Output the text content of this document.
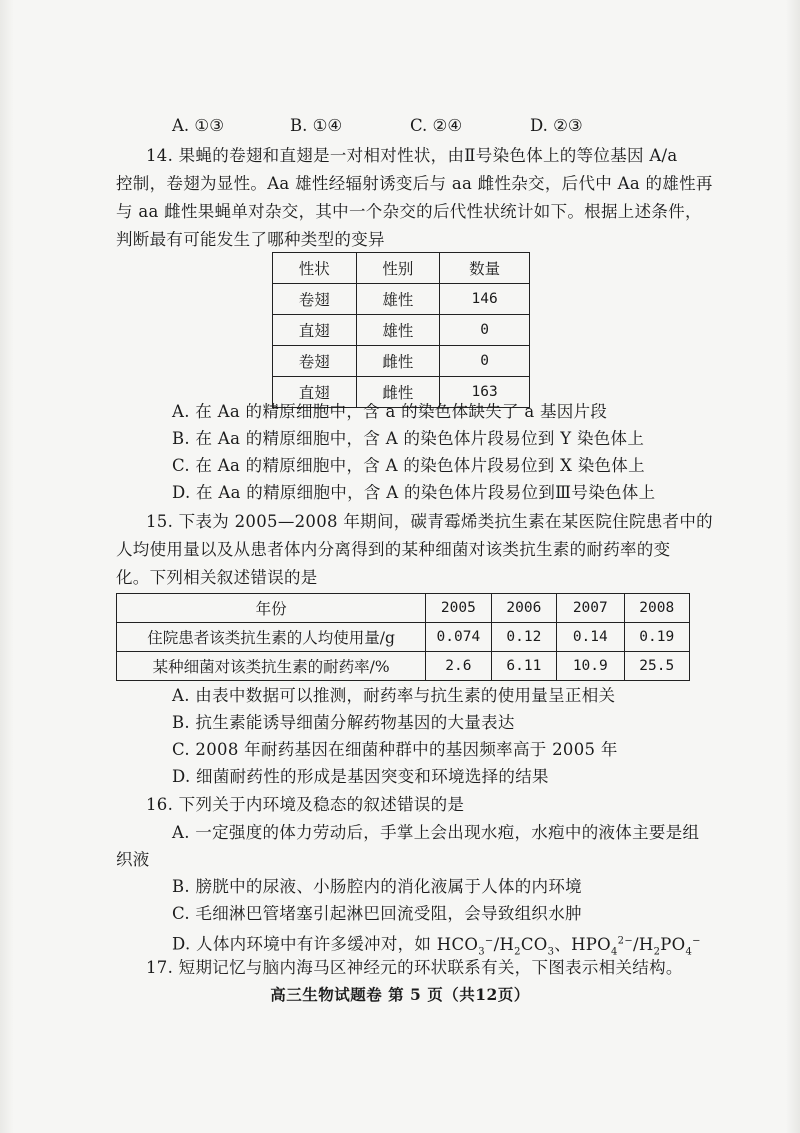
A. ①③	B. ①④	C. ②④	D. ②③
14. 果蝇的卷翅和直翅是一对相对性状，由Ⅱ号染色体上的等位基因 A/a
控制，卷翅为显性。Aa 雄性经辐射诱变后与 aa 雌性杂交，后代中 Aa 的雄性再
与 aa 雌性果蝇单对杂交，其中一个杂交的后代性状统计如下。根据上述条件，
判断最有可能发生了哪种类型的变异
性状	性别	数量
卷翅	雄性	146
直翅	雄性	0
卷翅	雌性	0
直翅	雌性	163
A. 在 Aa 的精原细胞中，含 a 的染色体缺失了 a 基因片段
B. 在 Aa 的精原细胞中，含 A 的染色体片段易位到 Y 染色体上
C. 在 Aa 的精原细胞中，含 A 的染色体片段易位到 X 染色体上
D. 在 Aa 的精原细胞中，含 A 的染色体片段易位到Ⅲ号染色体上
15. 下表为 2005—2008 年期间，碳青霉烯类抗生素在某医院住院患者中的
人均使用量以及从患者体内分离得到的某种细菌对该类抗生素的耐药率的变
化。下列相关叙述错误的是
年份	2005	2006	2007	2008
住院患者该类抗生素的人均使用量/g	0.074	0.12	0.14	0.19
某种细菌对该类抗生素的耐药率/%	2.6	6.11	10.9	25.5
A. 由表中数据可以推测，耐药率与抗生素的使用量呈正相关
B. 抗生素能诱导细菌分解药物基因的大量表达
C. 2008 年耐药基因在细菌种群中的基因频率高于 2005 年
D. 细菌耐药性的形成是基因突变和环境选择的结果
16. 下列关于内环境及稳态的叙述错误的是
A. 一定强度的体力劳动后，手掌上会出现水疱，水疱中的液体主要是组
织液
B. 膀胱中的尿液、小肠腔内的消化液属于人体的内环境
C. 毛细淋巴管堵塞引起淋巴回流受阻，会导致组织水肿
D. 人体内环境中有许多缓冲对，如 $HCO_3^-/H_2CO_3$、$HPO_4^{2-}/H_2PO_4^-$
17. 短期记忆与脑内海马区神经元的环状联系有关，下图表示相关结构。
高三生物试题卷 第 5 页（共12页）
